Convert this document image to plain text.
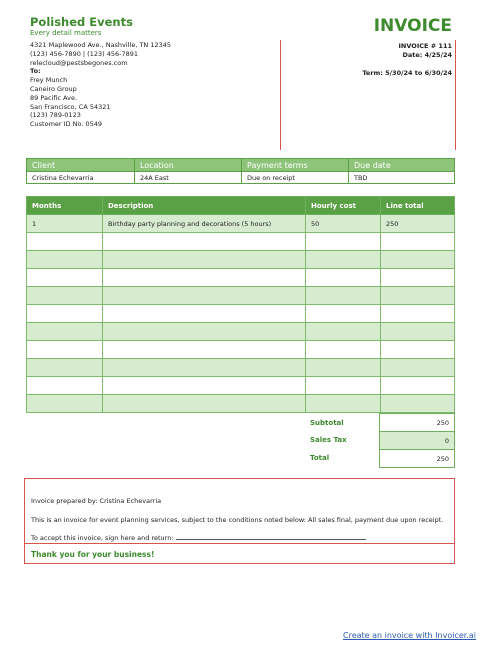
Polished Events
Every detail matters
4321 Maplewood Ave., Nashville, TN 12345
(123) 456-7890 | (123) 456-7891
relecloud@pestsbegones.com
To:
Frey Munch
Caneiro Group
89 Pacific Ave.
San Francisco, CA 54321
(123) 789-0123
Customer ID No. 0549
INVOICE
INVOICE # 111
Date: 4/25/24
Term: 5/30/24 to 6/30/24
Client	Location	Payment terms	Due date
Cristina Echevarria	24A East	Due on receipt	TBD
Months	Description	Hourly cost	Line total
1	Birthday party planning and decorations (5 hours)	50	250

Subtotal	250
Sales Tax	0
Total	250
Invoice prepared by: Cristina Echevarria
This is an invoice for event planning services, subject to the conditions noted below: All sales final, payment due upon receipt.
To accept this invoice, sign here and return:
Thank you for your business!
Create an invoice with Invoicer.ai
